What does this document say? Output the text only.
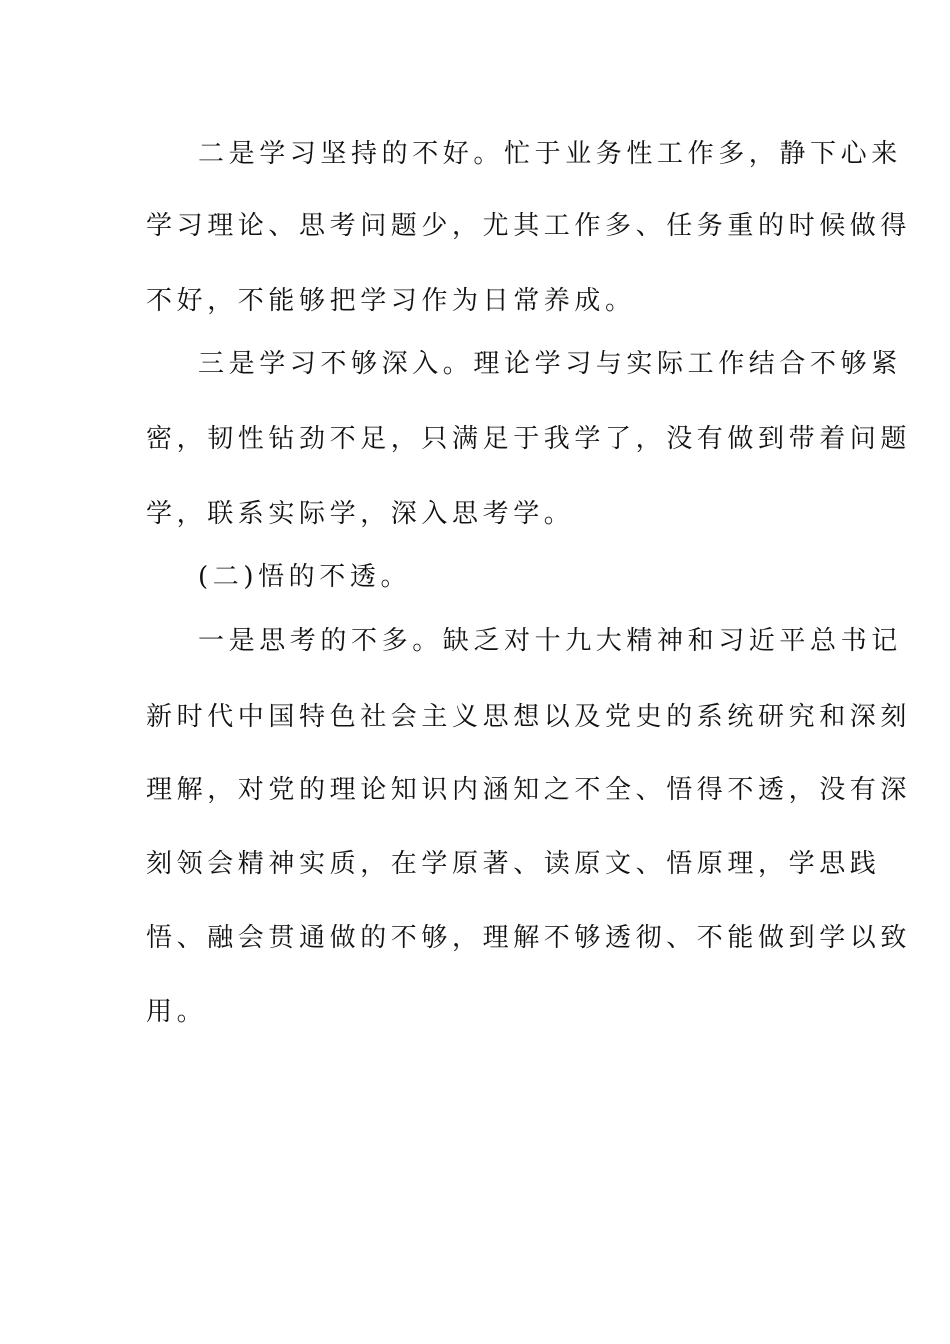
二是学习坚持的不好。忙于业务性工作多，静下心来
学习理论、思考问题少，尤其工作多、任务重的时候做得
不好，不能够把学习作为日常养成。
三是学习不够深入。理论学习与实际工作结合不够紧
密，韧性钻劲不足，只满足于我学了，没有做到带着问题
学，联系实际学，深入思考学。
(二)悟的不透。
一是思考的不多。缺乏对十九大精神和习近平总书记
新时代中国特色社会主义思想以及党史的系统研究和深刻
理解，对党的理论知识内涵知之不全、悟得不透，没有深
刻领会精神实质，在学原著、读原文、悟原理，学思践
悟、融会贯通做的不够，理解不够透彻、不能做到学以致
用。
